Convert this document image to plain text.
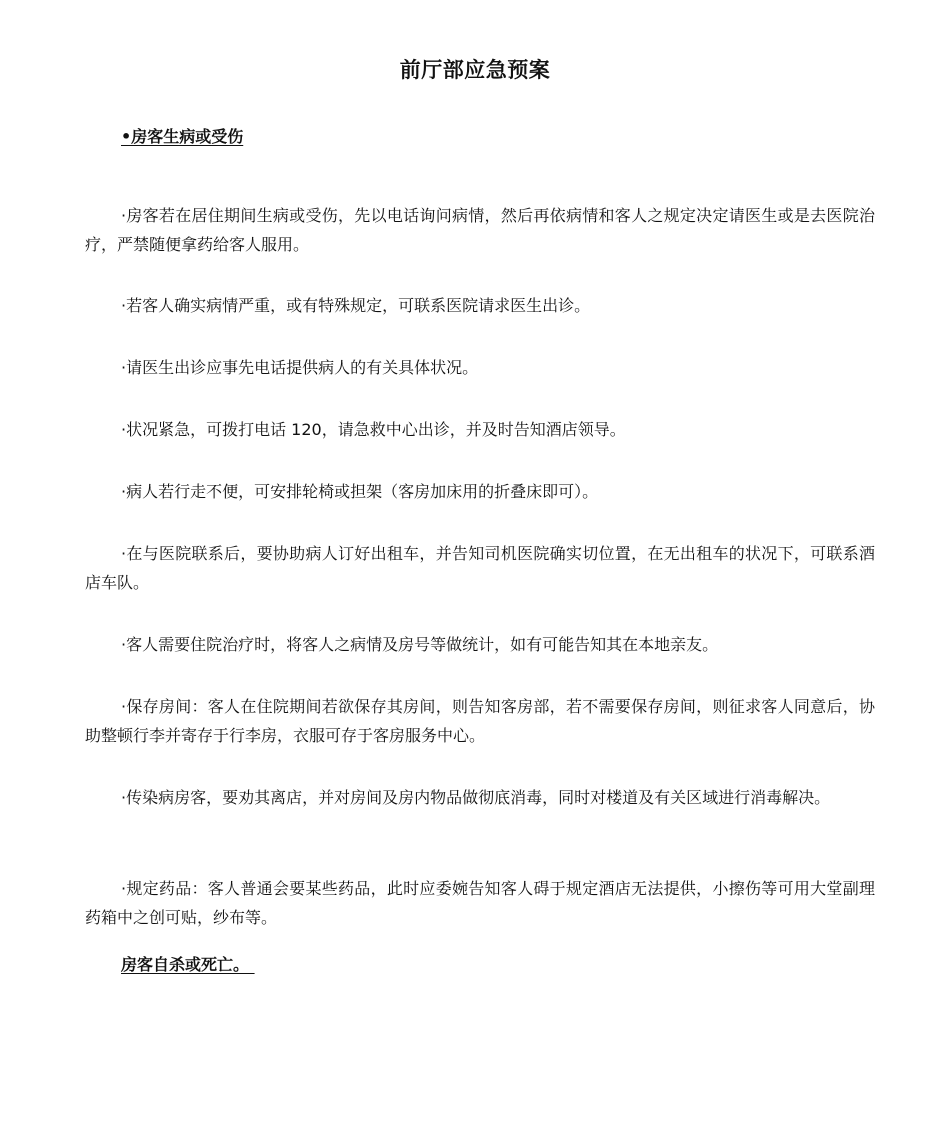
前厅部应急预案
•房客生病或受伤

·房客若在居住期间生病或受伤，先以电话询问病情，然后再依病情和客人之规定决定请医生或是去医院治疗，严禁随便拿药给客人服用。

·若客人确实病情严重，或有特殊规定，可联系医院请求医生出诊。

·请医生出诊应事先电话提供病人的有关具体状况。

·状况紧急，可拨打电话 120，请急救中心出诊，并及时告知酒店领导。

·病人若行走不便，可安排轮椅或担架（客房加床用的折叠床即可）。

·在与医院联系后，要协助病人订好出租车，并告知司机医院确实切位置，在无出租车的状况下，可联系酒店车队。

·客人需要住院治疗时，将客人之病情及房号等做统计，如有可能告知其在本地亲友。

·保存房间：客人在住院期间若欲保存其房间，则告知客房部，若不需要保存房间，则征求客人同意后，协助整顿行李并寄存于行李房，衣服可存于客房服务中心。

·传染病房客，要劝其离店，并对房间及房内物品做彻底消毒，同时对楼道及有关区域进行消毒解决。

·规定药品：客人普通会要某些药品，此时应委婉告知客人碍于规定酒店无法提供，小擦伤等可用大堂副理药箱中之创可贴，纱布等。

房客自杀或死亡。
